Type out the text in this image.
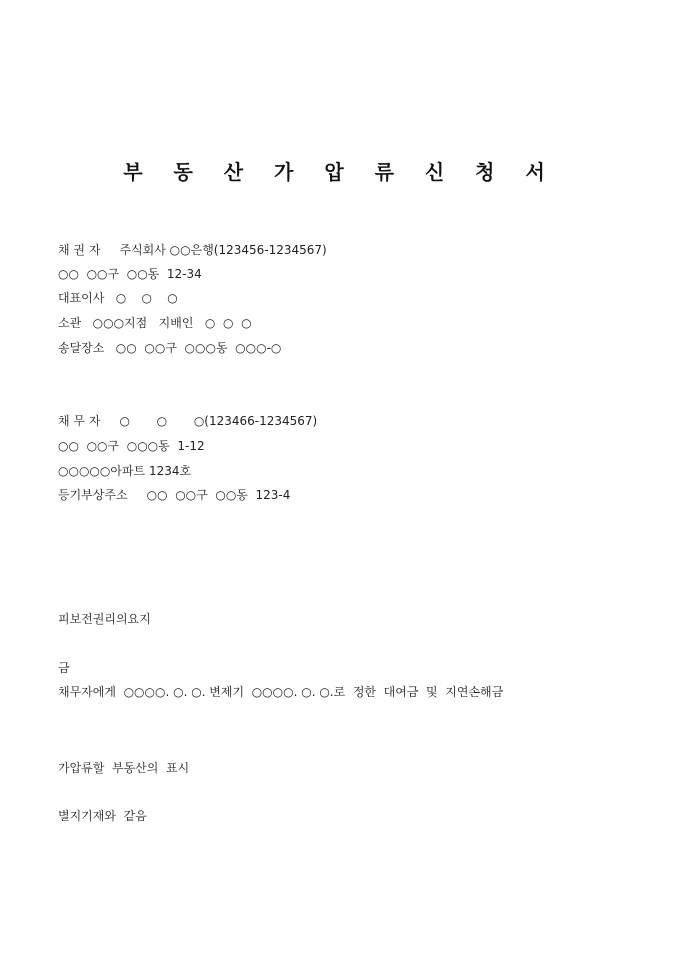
부 동 산 가 압 류 신 청 서
채 권 자     주식회사 ○○은행(123456-1234567)
○○  ○○구  ○○동  12-34
대표이사   ○    ○    ○
소관   ○○○지점   지배인   ○  ○  ○
송달장소   ○○  ○○구  ○○○동  ○○○-○
채 무 자     ○       ○       ○(123466-1234567)
○○  ○○구  ○○○동  1-12
○○○○○아파트 1234호
등기부상주소     ○○  ○○구  ○○동  123-4
피보전권리의요지
금
채무자에게  ○○○○. ○. ○. 변제기  ○○○○. ○. ○.로  정한  대여금  및  지연손해금
가압류할  부동산의  표시
별지기재와  같음
